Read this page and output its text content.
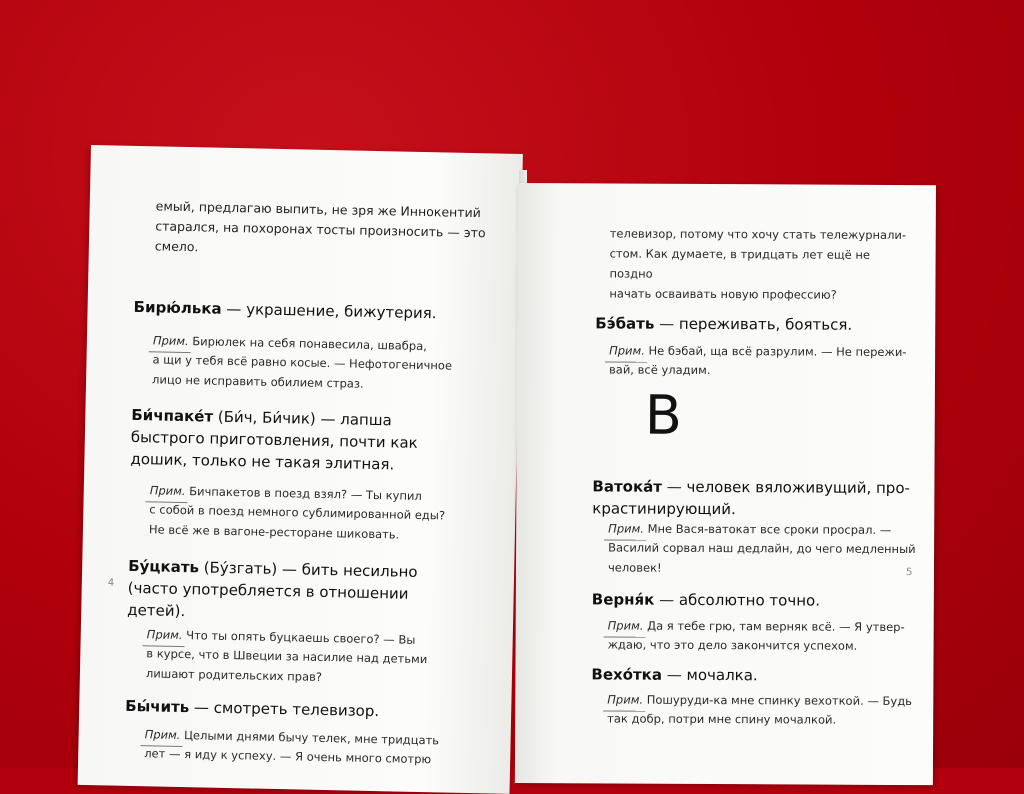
емый, предлагаю выпить, не зря же Иннокентий
старался, на похоронах тосты произносить — это
смело.

Бирю́лька — украшение, бижутерия.

Прим. Бирюлек на себя понавесила, швабра,
а щи у тебя всё равно косые. — Нефотогеничное
лицо не исправить обилием страз.

Би́чпаке́т (Би́ч, Би́чик) — лапша
быстрого приготовления, почти как
дошик, только не такая элитная.

Прим. Бичпакетов в поезд взял? — Ты купил
с собой в поезд немного сублимированной еды?
Не всё же в вагоне-ресторане шиковать.

Бу́цкать (Бу́згать) — бить несильно
(часто употребляется в отношении
детей).

Прим. Что ты опять буцкаешь своего? — Вы
в курсе, что в Швеции за насилие над детьми
лишают родительских прав?

Бы́чить — смотреть телевизор.

Прим. Целыми днями бычу телек, мне тридцать
лет — я иду к успеху. — Я очень много смотрю

4
телевизор, потому что хочу стать тележурнали-
стом. Как думаете, в тридцать лет ещё не поздно
начать осваивать новую профессию?

Бэ́бать — переживать, бояться.

Прим. Не бэбай, ща всё разрулим. — Не пережи-
вай, всё уладим.

В

Ватока́т — человек вяложивущий, про-
крастинирующий.

Прим. Мне Вася-ватокат все сроки просрал. —
Василий сорвал наш дедлайн, до чего медленный
человек!

Верня́к — абсолютно точно.

Прим. Да я тебе грю, там верняк всё. — Я утвер-
ждаю, что это дело закончится успехом.

Вехо́тка — мочалка.

Прим. Пошуруди-ка мне спинку вехоткой. — Будь
так добр, потри мне спину мочалкой.

5
